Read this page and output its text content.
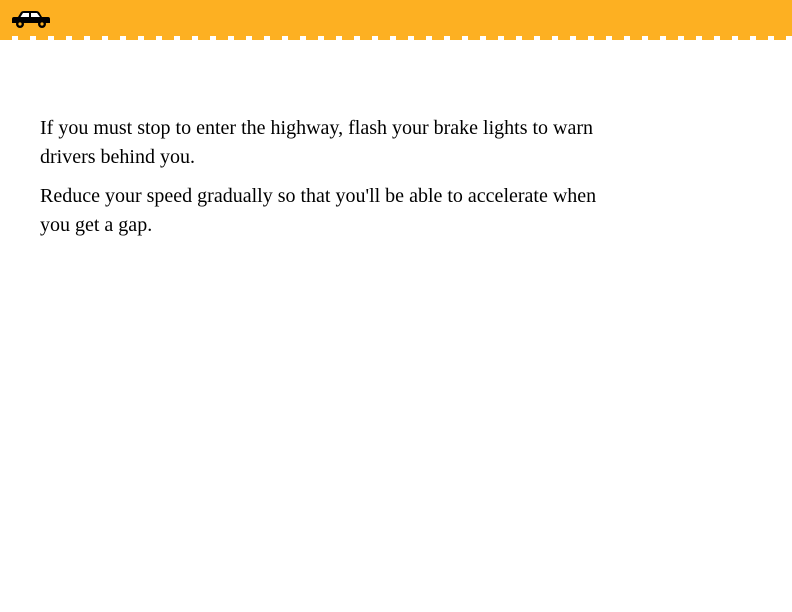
If you must stop to enter the highway, flash your brake lights to warn drivers behind you.

Reduce your speed gradually so that you'll be able to accelerate when you get a gap.
